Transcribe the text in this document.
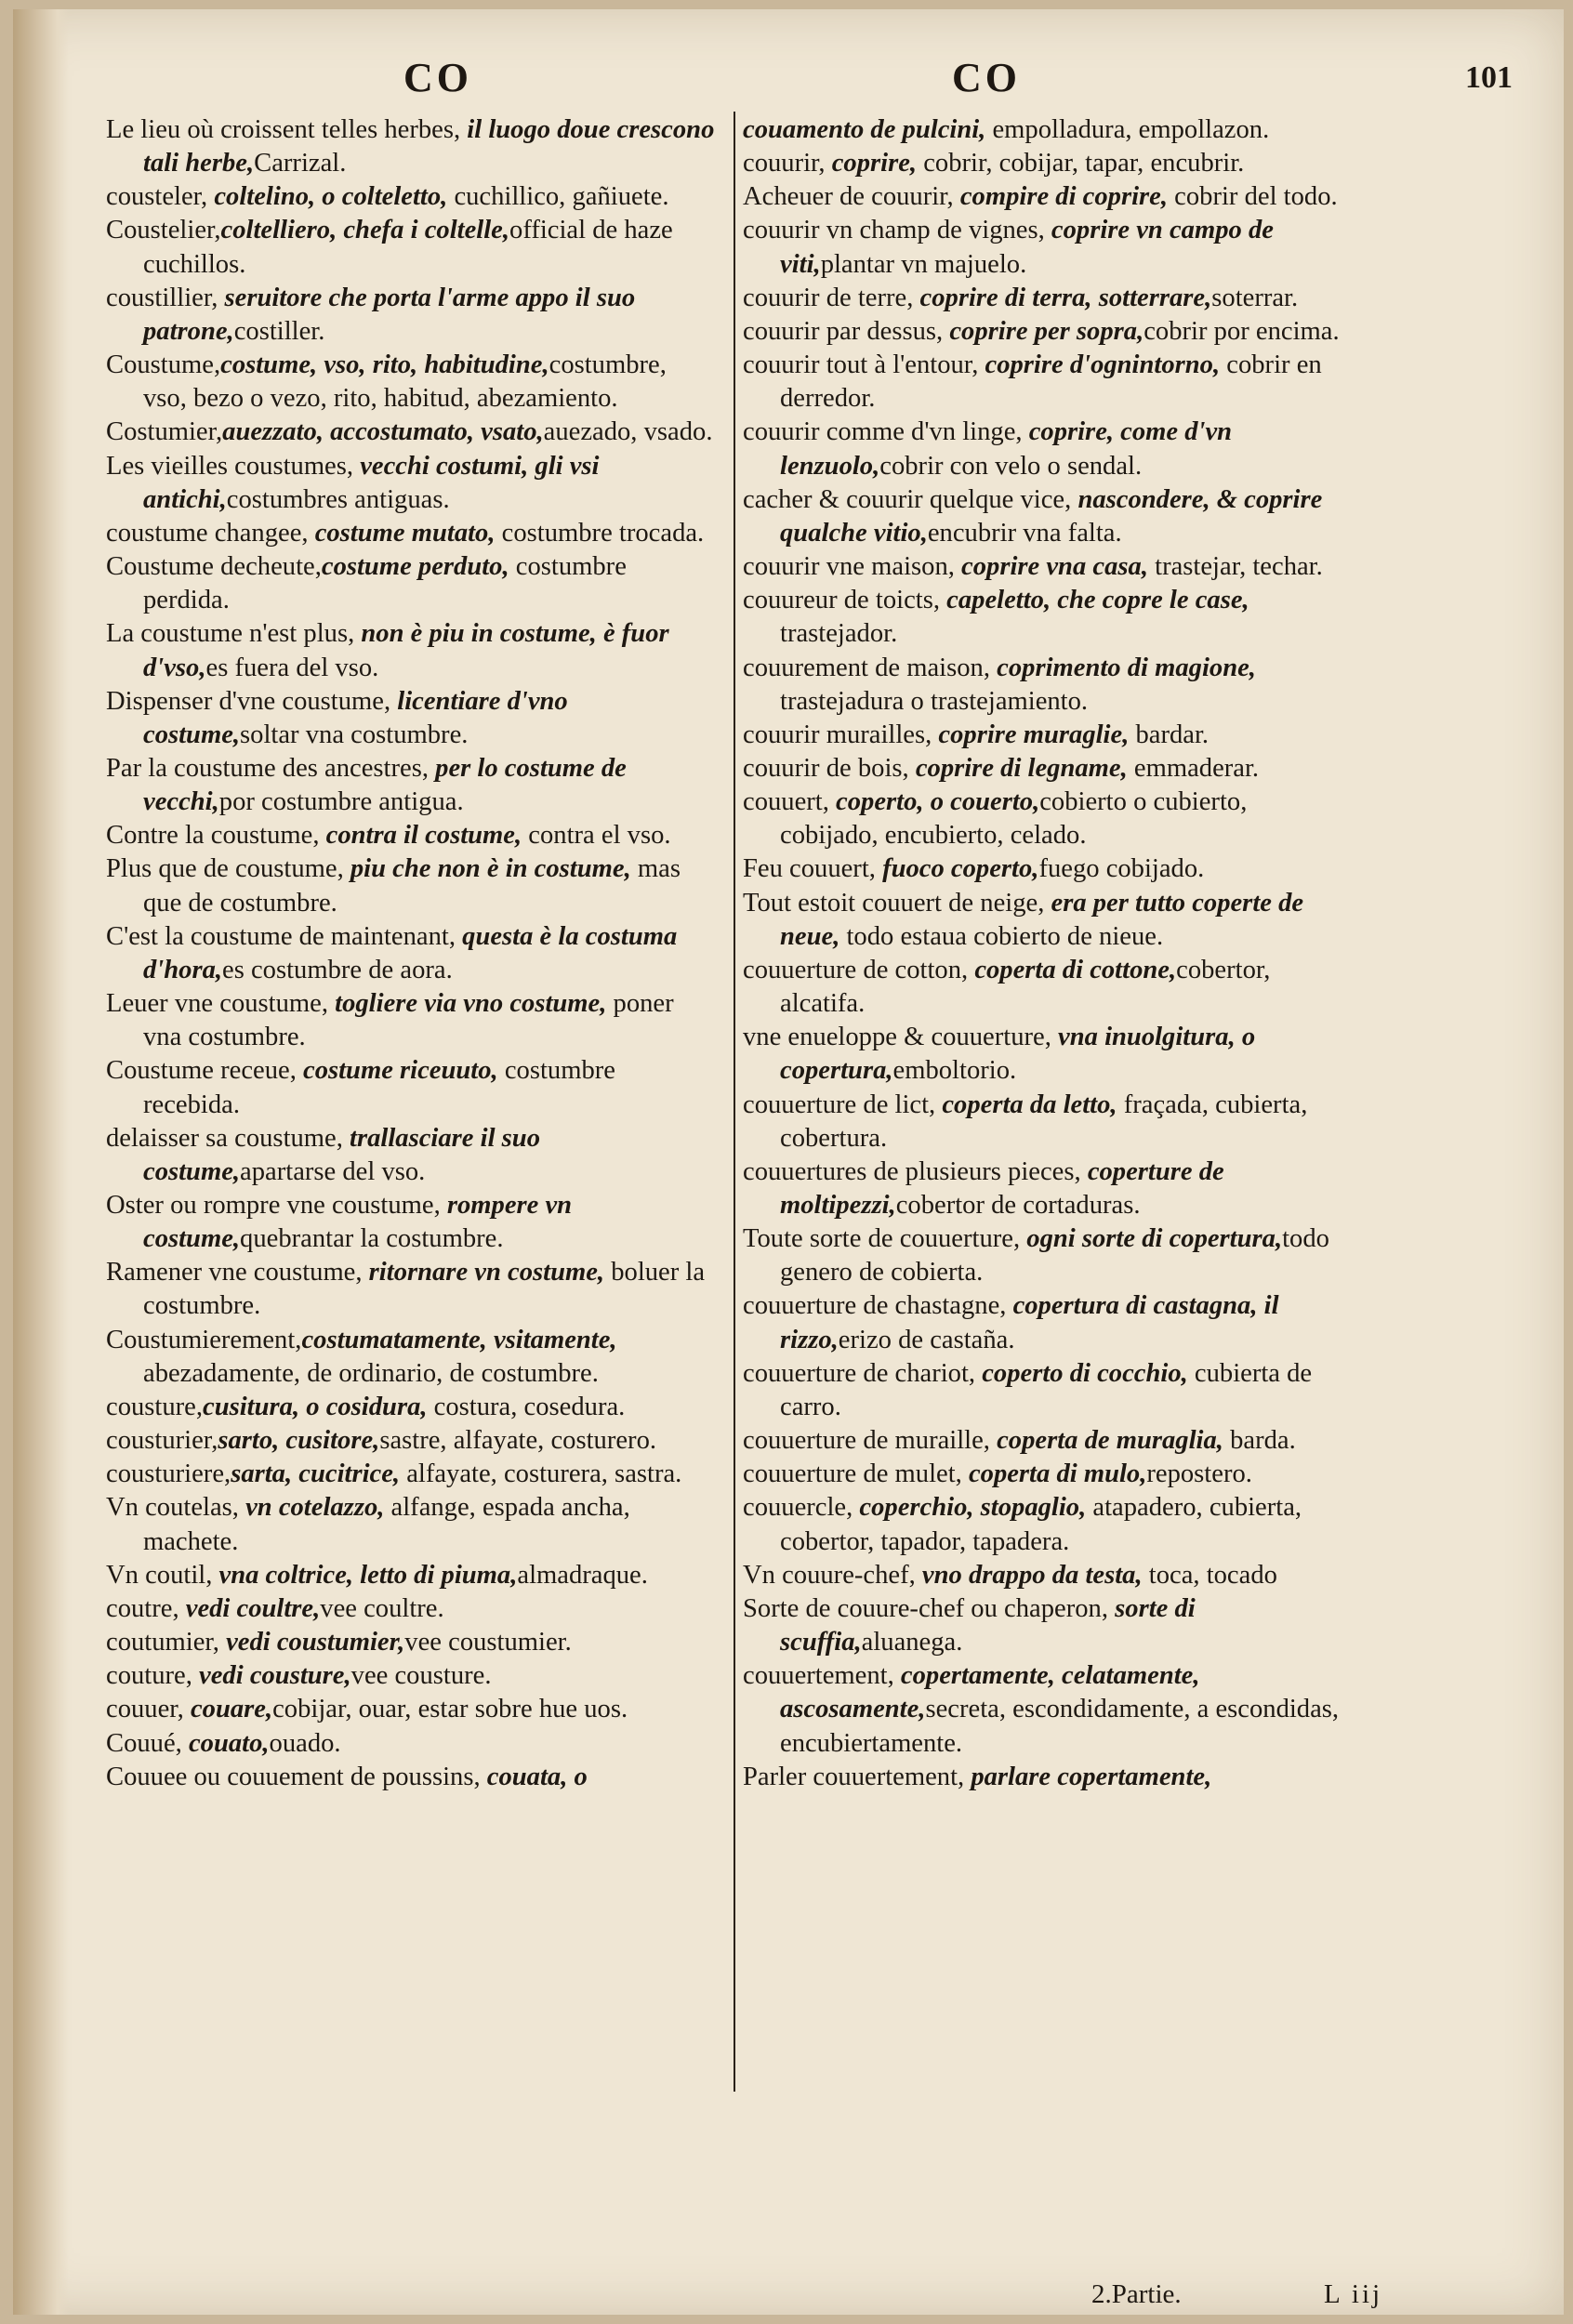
CO	CO	101
Le lieu où croissent telles herbes, il luogo doue crescono tali herbe,Carrizal.
cousteler, coltelino, o colteletto, cuchillico, gañiuete.
Coustelier,coltelliero, chefa i coltelle,official de haze cuchillos.
coustillier, seruitore che porta l'arme appo il suo patrone,costiller.
Coustume,costume, vso, rito, habitudine,costumbre, vso, bezo o vezo, rito, habitud, abezamiento.
Costumier,auezzato, accostumato, vsato,auezado, vsado.
Les vieilles coustumes, vecchi costumi, gli vsi antichi,costumbres antiguas.
coustume changee, costume mutato, costumbre trocada.
Coustume decheute,costume perduto, costumbre perdida.
La coustume n'est plus, non è piu in costume, è fuor d'vso,es fuera del vso.
Dispenser d'vne coustume, licentiare d'vno costume,soltar vna costumbre.
Par la coustume des ancestres, per lo costume de vecchi,por costumbre antigua.
Contre la coustume, contra il costume, contra el vso.
Plus que de coustume, piu che non è in costume, mas que de costumbre.
C'est la coustume de maintenant, questa è la costuma d'hora,es costumbre de aora.
Leuer vne coustume, togliere via vno costume, poner vna costumbre.
Coustume receue, costume riceuuto, costumbre recebida.
delaisser sa coustume, trallasciare il suo costume,apartarse del vso.
Oster ou rompre vne coustume, rompere vn costume,quebrantar la costumbre.
Ramener vne coustume, ritornare vn costume, boluer la costumbre.
Coustumierement,costumatamente, vsitamente, abezadamente, de ordinario, de costumbre.
cousture,cusitura, o cosidura, costura, cosedura.
cousturier,sarto, cusitore,sastre, alfayate, costurero.
cousturiere,sarta, cucitrice, alfayate, costurera, sastra.
Vn coutelas, vn cotelazzo, alfange, espada ancha, machete.
Vn coutil, vna coltrice, letto di piuma,almadraque.
coutre, vedi coultre,vee coultre.
coutumier, vedi coustumier,vee coustumier.
couture, vedi cousture,vee cousture.
couuer, couare,cobijar, ouar, estar sobre hue uos.
Couué, couato,ouado.
Couuee ou couuement de poussins, couata, o
couamento de pulcini, empolladura, empollazon.
couurir, coprire, cobrir, cobijar, tapar, encubrir.
Acheuer de couurir, compire di coprire, cobrir del todo.
couurir vn champ de vignes, coprire vn campo de viti,plantar vn majuelo.
couurir de terre, coprire di terra, sotterrare,soterrar.
couurir par dessus, coprire per sopra,cobrir por encima.
couurir tout à l'entour, coprire d'ognintorno, cobrir en derredor.
couurir comme d'vn linge, coprire, come d'vn lenzuolo,cobrir con velo o sendal.
cacher & couurir quelque vice, nascondere, & coprire qualche vitio,encubrir vna falta.
couurir vne maison, coprire vna casa, trastejar, techar.
couureur de toicts, capeletto, che copre le case, trastejador.
couurement de maison, coprimento di magione, trastejadura o trastejamiento.
couurir murailles, coprire muraglie, bardar.
couurir de bois, coprire di legname, emmaderar.
couuert, coperto, o couerto,cobierto o cubierto, cobijado, encubierto, celado.
Feu couuert, fuoco coperto,fuego cobijado.
Tout estoit couuert de neige, era per tutto coperte de neue, todo estaua cobierto de nieue.
couuerture de cotton, coperta di cottone,cobertor, alcatifa.
vne enueloppe & couuerture, vna inuolgitura, o copertura,emboltorio.
couuerture de lict, coperta da letto, fraçada, cubierta, cobertura.
couuertures de plusieurs pieces, coperture de moltipezzi,cobertor de cortaduras.
Toute sorte de couuerture, ogni sorte di copertura,todo genero de cobierta.
couuerture de chastagne, copertura di castagna, il rizzo,erizo de castaña.
couuerture de chariot, coperto di cocchio, cubierta de carro.
couuerture de muraille, coperta de muraglia, barda.
couuerture de mulet, coperta di mulo,repostero.
couuercle, coperchio, stopaglio, atapadero, cubierta, cobertor, tapador, tapadera.
Vn couure-chef, vno drappo da testa, toca, tocado
Sorte de couure-chef ou chaperon, sorte di scuffia,aluanega.
couuertement, copertamente, celatamente, ascosamente,secreta, escondidamente, a escondidas, encubiertamente.
Parler couuertement, parlare copertamente,
2.Partie.	L iij
